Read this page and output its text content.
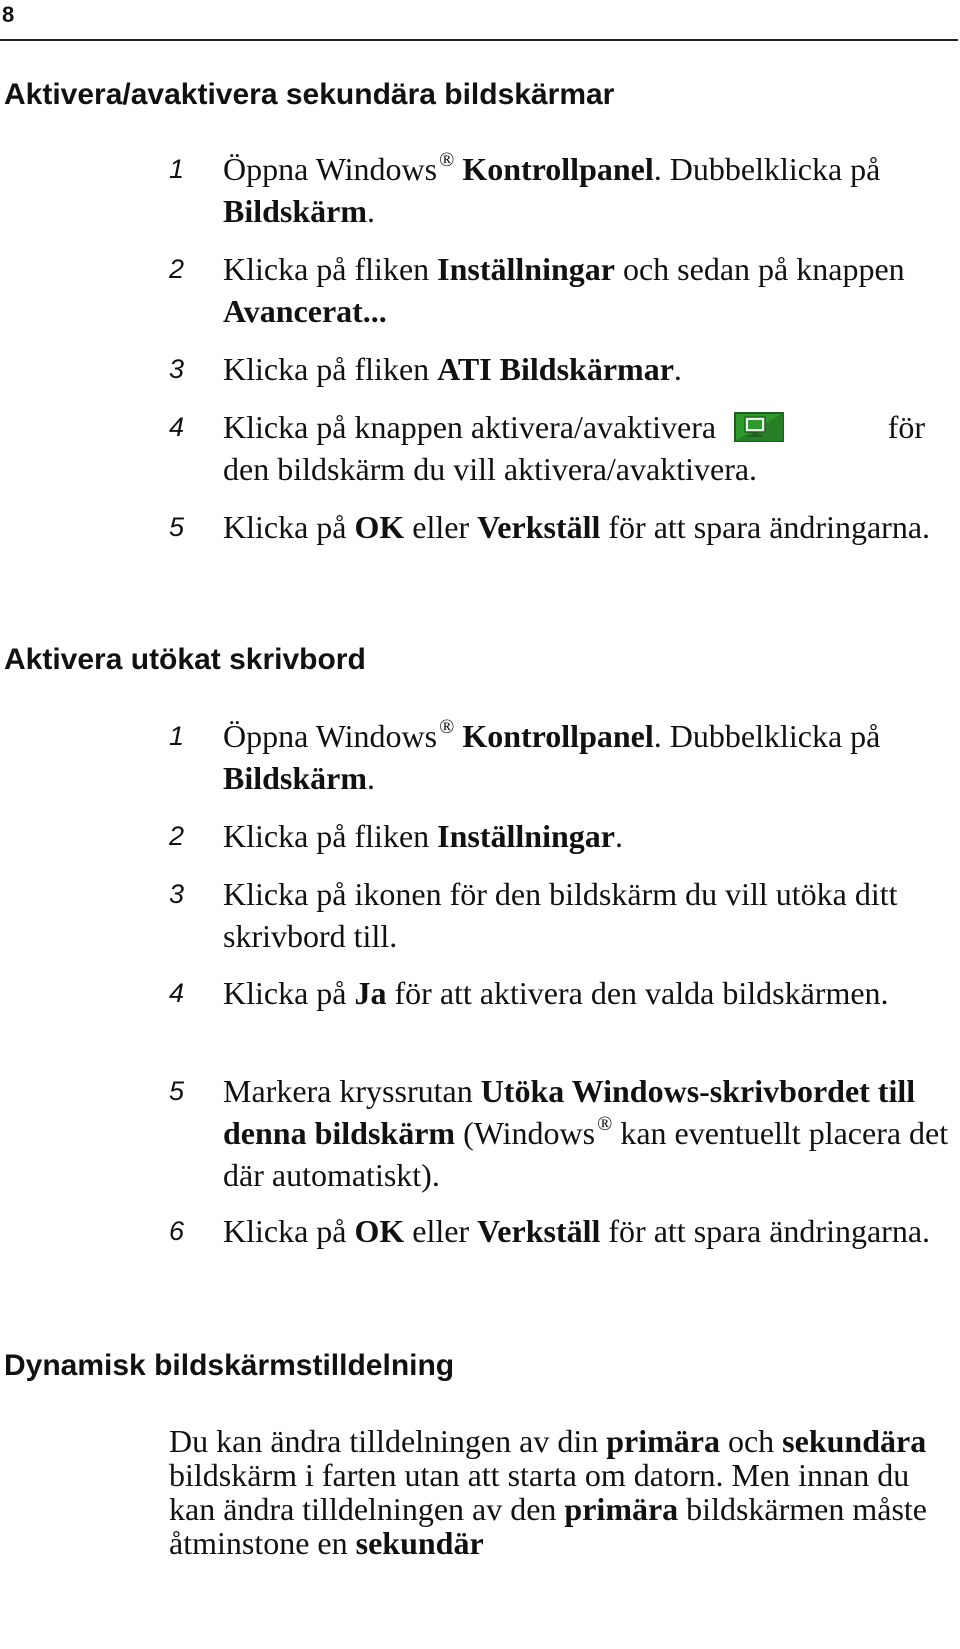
8
Aktivera/avaktivera sekundära bildskärmar
1 Öppna Windows ® Kontrollpanel. Dubbelklicka på Bildskärm.
2 Klicka på fliken Inställningar och sedan på knappen Avancerat...
3 Klicka på fliken ATI Bildskärmar.
4 Klicka på knappen aktivera/avaktivera	för

den bildskärm du vill aktivera/avaktivera.
5 Klicka på OK eller Verkställ för att spara ändringarna.
Aktivera utökat skrivbord
1 Öppna Windows ® Kontrollpanel. Dubbelklicka på Bildskärm.
2 Klicka på fliken Inställningar.
3 Klicka på ikonen för den bildskärm du vill utöka ditt skrivbord till.
4 Klicka på Ja för att aktivera den valda bildskärmen.
5 Markera kryssrutan Utöka Windows-skrivbordet till denna bildskärm (Windows ® kan eventuellt placera det där automatiskt).
6 Klicka på OK eller Verkställ för att spara ändringarna.
Dynamisk bildskärmstilldelning

Du kan ändra tilldelningen av din primära och sekundära bildskärm i farten utan att starta om datorn. Men innan du kan ändra tilldelningen av den primära bildskärmen måste åtminstone en sekundär
